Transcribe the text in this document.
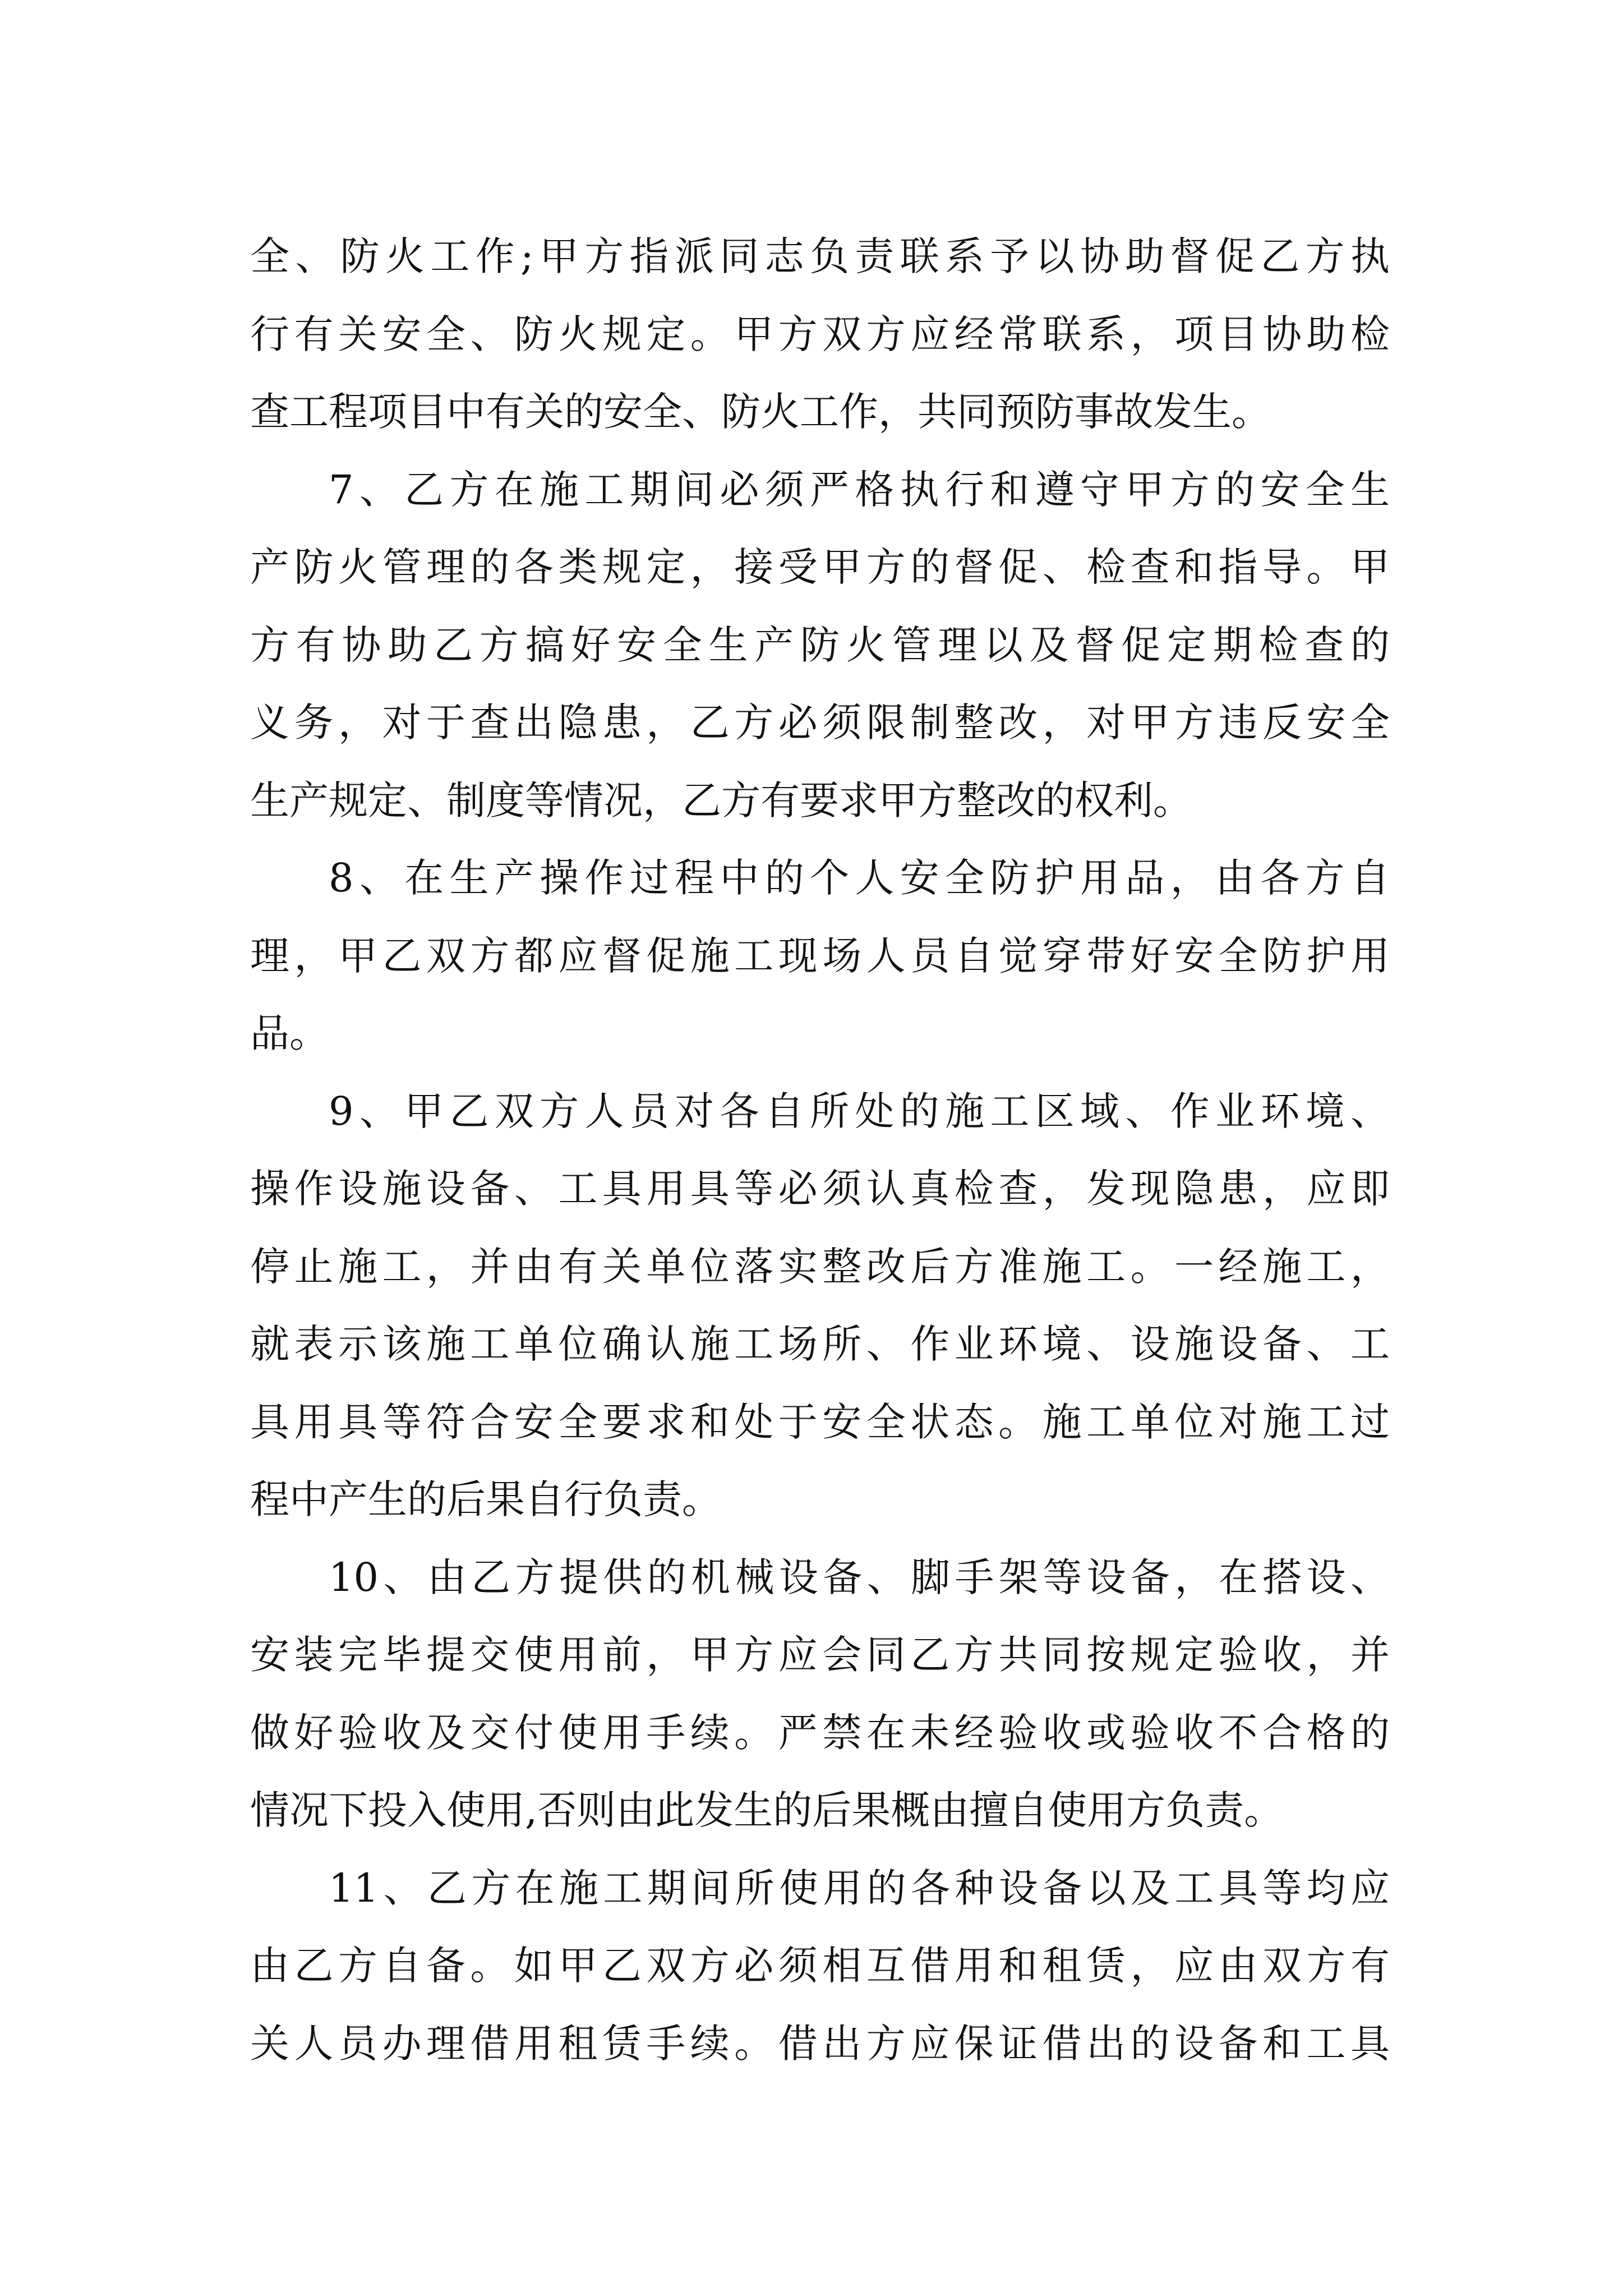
全、防火工作;甲方指派同志负责联系予以协助督促乙方执
行有关安全、防火规定。甲方双方应经常联系，项目协助检
查工程项目中有关的安全、防火工作，共同预防事故发生。
7、乙方在施工期间必须严格执行和遵守甲方的安全生
产防火管理的各类规定，接受甲方的督促、检查和指导。甲
方有协助乙方搞好安全生产防火管理以及督促定期检查的
义务，对于查出隐患，乙方必须限制整改，对甲方违反安全
生产规定、制度等情况，乙方有要求甲方整改的权利。
8、在生产操作过程中的个人安全防护用品，由各方自
理，甲乙双方都应督促施工现场人员自觉穿带好安全防护用
品。
9、甲乙双方人员对各自所处的施工区域、作业环境、
操作设施设备、工具用具等必须认真检查，发现隐患，应即
停止施工，并由有关单位落实整改后方准施工。一经施工，
就表示该施工单位确认施工场所、作业环境、设施设备、工
具用具等符合安全要求和处于安全状态。施工单位对施工过
程中产生的后果自行负责。
10、由乙方提供的机械设备、脚手架等设备，在搭设、
安装完毕提交使用前，甲方应会同乙方共同按规定验收，并
做好验收及交付使用手续。严禁在未经验收或验收不合格的
情况下投入使用,否则由此发生的后果概由擅自使用方负责。
11、乙方在施工期间所使用的各种设备以及工具等均应
由乙方自备。如甲乙双方必须相互借用和租赁，应由双方有
关人员办理借用租赁手续。借出方应保证借出的设备和工具
